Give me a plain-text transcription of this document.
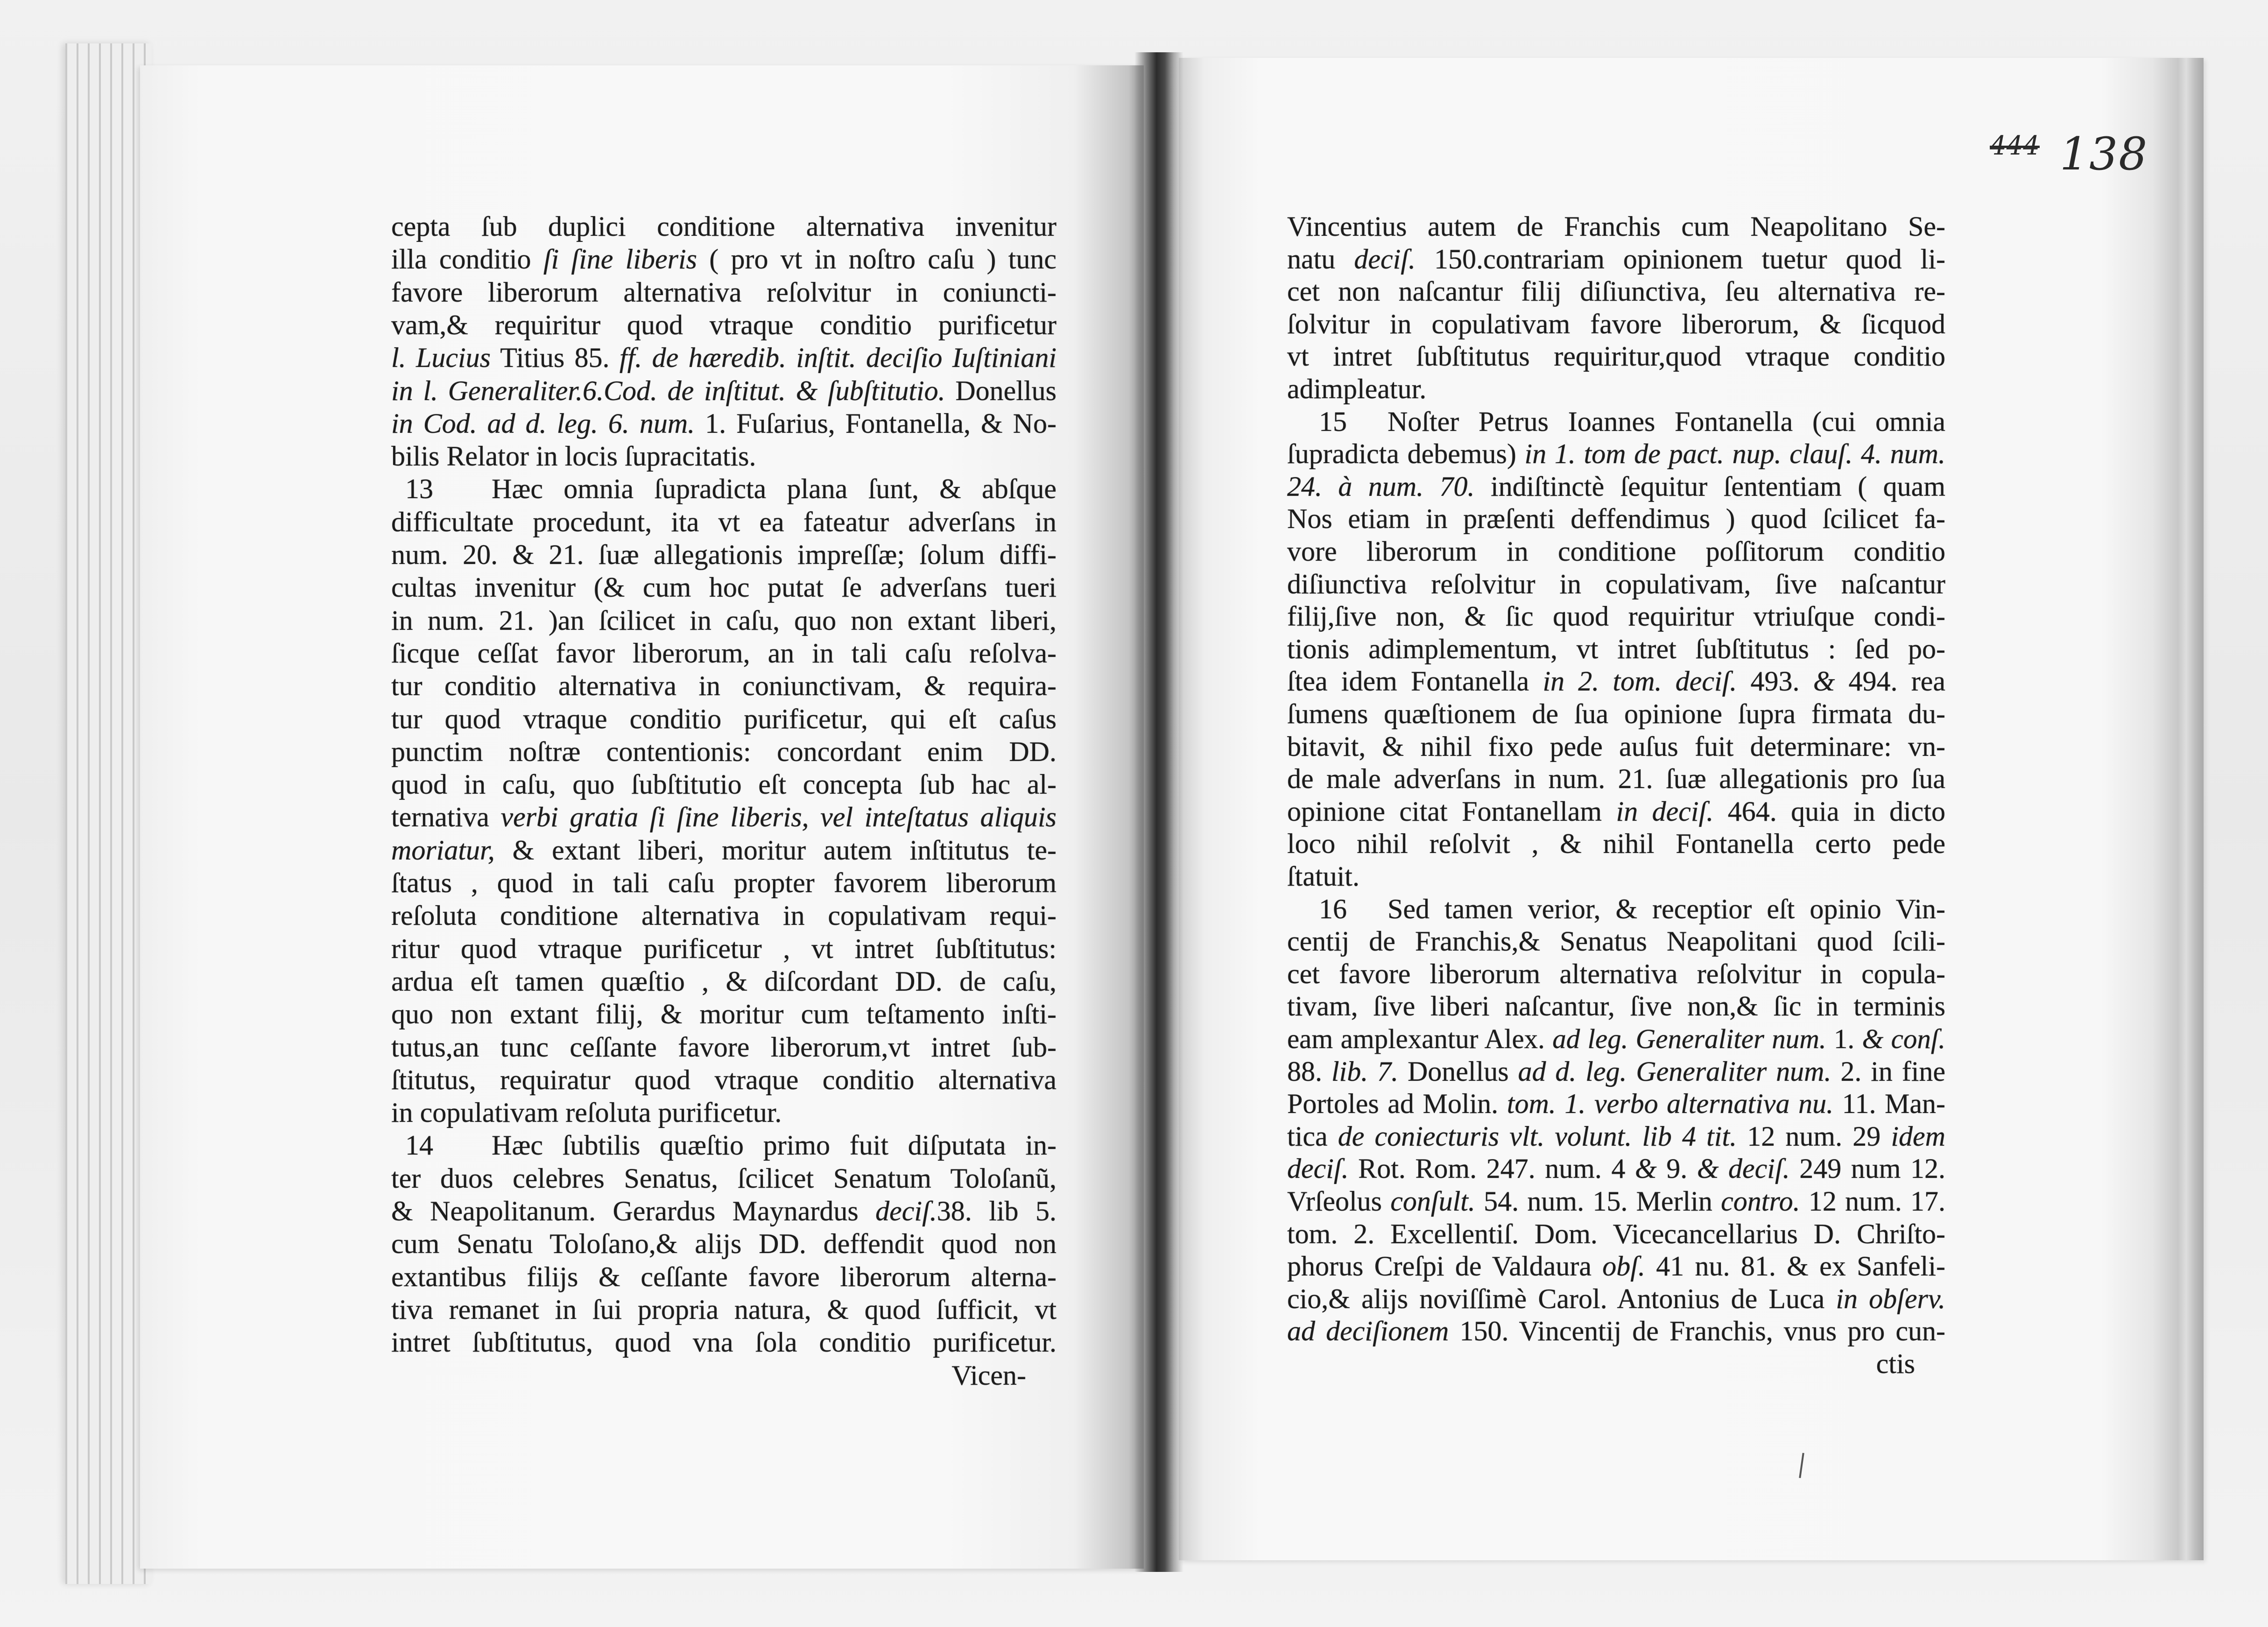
cepta ſub duplici conditione alternativa invenitur
illa conditio ſi ſine liberis ( pro vt in noſtro caſu ) tunc
favore liberorum alternativa reſolvitur in coniuncti-
vam,& requiritur quod vtraque conditio purificetur
l. Lucius Titius 85. ff. de hæredib. inſtit. deciſio Iuſtiniani
in l. Generaliter.6.Cod. de inſtitut. & ſubſtitutio. Donellus
in Cod. ad d. leg. 6. num. 1. Fuſarius, Fontanella, & No-
bilis Relator in locis ſupracitatis.
13	Hæc omnia ſupradicta plana ſunt, & abſque
difficultate procedunt, ita vt ea fateatur adverſans in
num. 20. & 21. ſuæ allegationis impreſſæ; ſolum diffi-
cultas invenitur (& cum hoc putat ſe adverſans tueri
in num. 21. )an ſcilicet in caſu, quo non extant liberi,
ſicque ceſſat favor liberorum, an in tali caſu reſolva-
tur conditio alternativa in coniunctivam, & requira-
tur quod vtraque conditio purificetur, qui eſt caſus
punctim noſtræ contentionis: concordant enim DD.
quod in caſu, quo ſubſtitutio eſt concepta ſub hac al-
ternativa verbi gratia ſi ſine liberis, vel inteſtatus aliquis
moriatur, & extant liberi, moritur autem inſtitutus te-
ſtatus , quod in tali caſu propter favorem liberorum
reſoluta conditione alternativa in copulativam requi-
ritur quod vtraque purificetur , vt intret ſubſtitutus:
ardua eſt tamen quæſtio , & diſcordant DD. de caſu,
quo non extant filij, & moritur cum teſtamento inſti-
tutus,an tunc ceſſante favore liberorum,vt intret ſub-
ſtitutus, requiratur quod vtraque conditio alternativa
in copulativam reſoluta purificetur.
14	Hæc ſubtilis quæſtio primo fuit diſputata in-
ter duos celebres Senatus, ſcilicet Senatum Toloſanũ,
& Neapolitanum. Gerardus Maynardus deciſ.38. lib 5.
cum Senatu Toloſano,& alijs DD. deffendit quod non
extantibus filijs & ceſſante favore liberorum alterna-
tiva remanet in ſui propria natura, & quod ſufficit, vt
intret ſubſtitutus, quod vna ſola conditio purificetur.
Vicen-
Vincentius autem de Franchis cum Neapolitano Se-
natu deciſ. 150.contrariam opinionem tuetur quod li-
cet non naſcantur filij diſiunctiva, ſeu alternativa re-
ſolvitur in copulativam favore liberorum, & ſicquod
vt intret ſubſtitutus requiritur,quod vtraque conditio
adimpleatur.
15	Noſter Petrus Ioannes Fontanella (cui omnia
ſupradicta debemus) in 1. tom de pact. nup. clauſ. 4. num.
24. à num. 70. indiſtinctè ſequitur ſententiam ( quam
Nos etiam in præſenti deffendimus ) quod ſcilicet fa-
vore liberorum in conditione poſſitorum conditio
diſiunctiva reſolvitur in copulativam, ſive naſcantur
filij,ſive non, & ſic quod requiritur vtriuſque condi-
tionis adimplementum, vt intret ſubſtitutus : ſed po-
ſtea idem Fontanella in 2. tom. deciſ. 493. & 494. rea
ſumens quæſtionem de ſua opinione ſupra firmata du-
bitavit, & nihil fixo pede auſus fuit determinare: vn-
de male adverſans in num. 21. ſuæ allegationis pro ſua
opinione citat Fontanellam in deciſ. 464. quia in dicto
loco nihil reſolvit , & nihil Fontanella certo pede
ſtatuit.
16	Sed tamen verior, & receptior eſt opinio Vin-
centij de Franchis,& Senatus Neapolitani quod ſcili-
cet favore liberorum alternativa reſolvitur in copula-
tivam, ſive liberi naſcantur, ſive non,& ſic in terminis
eam amplexantur Alex. ad leg. Generaliter num. 1. & conſ.
88. lib. 7. Donellus ad d. leg. Generaliter num. 2. in fine
Portoles ad Molin. tom. 1. verbo alternativa nu. 11. Man-
tica de coniecturis vlt. volunt. lib 4 tit. 12 num. 29 idem
deciſ. Rot. Rom. 247. num. 4 & 9. & deciſ. 249 num 12.
Vrſeolus conſult. 54. num. 15. Merlin contro. 12 num. 17.
tom. 2. Excellentiſ. Dom. Vicecancellarius D. Chriſto-
phorus Creſpi de Valdaura obſ. 41 nu. 81. & ex Sanfeli-
cio,& alijs noviſſimè Carol. Antonius de Luca in obſerv.
ad deciſionem 150. Vincentij de Franchis, vnus pro cun-
ctis
444 138
